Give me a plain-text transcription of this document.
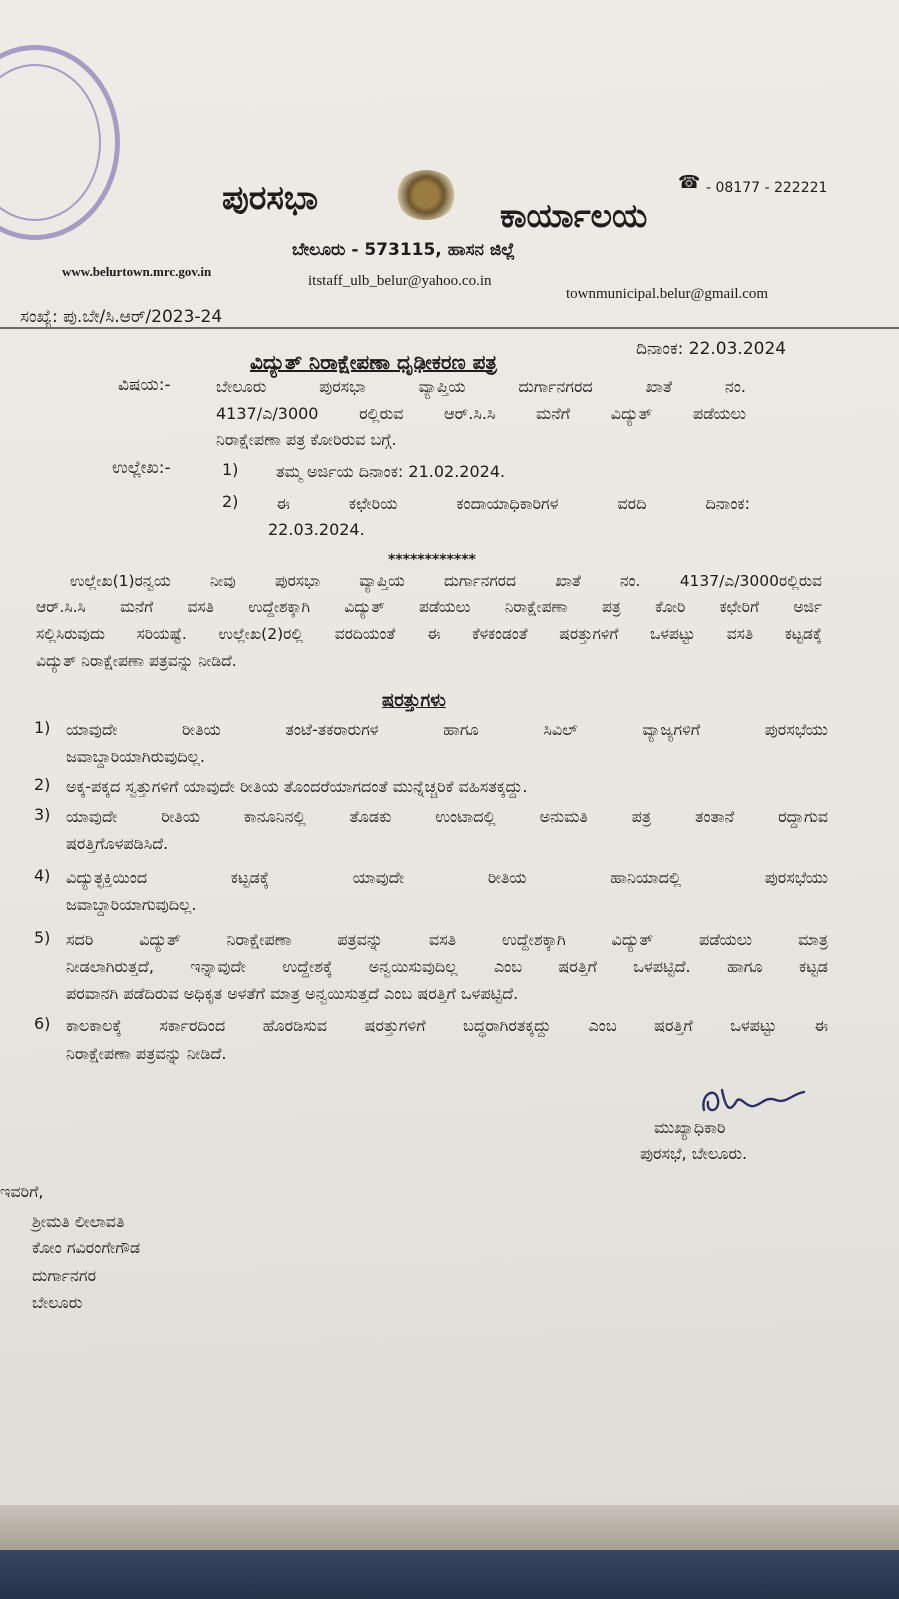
ಪುರಸಭಾ	ಕಾರ್ಯಾಲಯ
☎ - 08177 - 222221
ಬೇಲೂರು - 573115, ಹಾಸನ ಜಿಲ್ಲೆ
www.belurtown.mrc.gov.in
itstaff_ulb_belur@yahoo.co.in
townmunicipal.belur@gmail.com
ಸಂಖ್ಯೆ: ಪು.ಬೇ/ಸಿ.ಆರ್/2023-24
ದಿನಾಂಕ: 22.03.2024
ವಿದ್ಯುತ್ ನಿರಾಕ್ಷೇಪಣಾ ಧೃಢೀಕರಣ ಪತ್ರ
ವಿಷಯ:-	ಬೇಲೂರು ಪುರಸಭಾ ವ್ಯಾಪ್ತಿಯ ದುರ್ಗಾನಗರದ ಖಾತೆ ನಂ.
4137/ಎ/3000 ರಲ್ಲಿರುವ ಆರ್.ಸಿ.ಸಿ ಮನೆಗೆ ವಿದ್ಯುತ್ ಪಡೆಯಲು
ನಿರಾಕ್ಷೇಪಣಾ ಪತ್ರ ಕೋರಿರುವ ಬಗ್ಗೆ.
ಉಲ್ಲೇಖ:-	1) ತಮ್ಮ ಅರ್ಜಿಯ ದಿನಾಂಕ: 21.02.2024.
2) ಈ ಕಛೇರಿಯ ಕಂದಾಯಾಧಿಕಾರಿಗಳ ವರದಿ ದಿನಾಂಕ:
22.03.2024.
************
ಉಲ್ಲೇಖ(1)ರನ್ವಯ ನೀವು ಪುರಸಭಾ ವ್ಯಾಪ್ತಿಯ ದುರ್ಗಾನಗರದ ಖಾತೆ ನಂ. 4137/ಎ/3000ರಲ್ಲಿರುವ
ಆರ್.ಸಿ.ಸಿ ಮನೆಗೆ ವಸತಿ ಉದ್ದೇಶಕ್ಕಾಗಿ ವಿದ್ಯುತ್ ಪಡೆಯಲು ನಿರಾಕ್ಷೇಪಣಾ ಪತ್ರ ಕೋರಿ ಕಛೇರಿಗೆ ಅರ್ಜಿ
ಸಲ್ಲಿಸಿರುವುದು ಸರಿಯಷ್ಟೆ. ಉಲ್ಲೇಖ(2)ರಲ್ಲಿ ವರದಿಯಂತೆ ಈ ಕೆಳಕಂಡಂತೆ ಷರತ್ತುಗಳಿಗೆ ಒಳಪಟ್ಟು ವಸತಿ ಕಟ್ಟಡಕ್ಕೆ
ವಿದ್ಯುತ್ ನಿರಾಕ್ಷೇಪಣಾ ಪತ್ರವನ್ನು ನೀಡಿದೆ.
ಷರತ್ತುಗಳು
1) ಯಾವುದೇ ರೀತಿಯ ತಂಟೆ-ತಕರಾರುಗಳ ಹಾಗೂ ಸಿವಿಲ್ ವ್ಯಾಜ್ಯಗಳಿಗೆ ಪುರಸಭೆಯು
ಜವಾಬ್ದಾರಿಯಾಗಿರುವುದಿಲ್ಲ.
2) ಅಕ್ಕ-ಪಕ್ಕದ ಸ್ವತ್ತುಗಳಿಗೆ ಯಾವುದೇ ರೀತಿಯ ತೊಂದರೆಯಾಗದಂತೆ ಮುನ್ನೆಚ್ಚರಿಕೆ ವಹಿಸತಕ್ಕದ್ದು.
3) ಯಾವುದೇ ರೀತಿಯ ಕಾನೂನಿನಲ್ಲಿ ತೊಡಕು ಉಂಟಾದಲ್ಲಿ ಅನುಮತಿ ಪತ್ರ ತಂತಾನೆ ರದ್ದಾಗುವ
ಷರತ್ತಿಗೊಳಪಡಿಸಿದೆ.
4) ವಿದ್ಯುತ್ಛಕ್ತಿಯಿಂದ ಕಟ್ಟಡಕ್ಕೆ ಯಾವುದೇ ರೀತಿಯ ಹಾನಿಯಾದಲ್ಲಿ ಪುರಸಭೆಯು
ಜವಾಬ್ದಾರಿಯಾಗುವುದಿಲ್ಲ.
5) ಸದರಿ ವಿದ್ಯುತ್ ನಿರಾಕ್ಷೇಪಣಾ ಪತ್ರವನ್ನು ವಸತಿ ಉದ್ದೇಶಕ್ಕಾಗಿ ವಿದ್ಯುತ್ ಪಡೆಯಲು ಮಾತ್ರ
ನೀಡಲಾಗಿರುತ್ತದೆ, ಇನ್ನಾವುದೇ ಉದ್ದೇಶಕ್ಕೆ ಅನ್ವಯಿಸುವುದಿಲ್ಲ ಎಂಬ ಷರತ್ತಿಗೆ ಒಳಪಟ್ಟಿದೆ. ಹಾಗೂ ಕಟ್ಟಡ
ಪರವಾನಗಿ ಪಡೆದಿರುವ ಅಧಿಕೃತ ಅಳತೆಗೆ ಮಾತ್ರ ಅನ್ವಯಿಸುತ್ತದೆ ಎಂಬ ಷರತ್ತಿಗೆ ಒಳಪಟ್ಟಿದೆ.
6) ಕಾಲಕಾಲಕ್ಕೆ ಸರ್ಕಾರದಿಂದ ಹೊರಡಿಸುವ ಷರತ್ತುಗಳಿಗೆ ಬದ್ಧರಾಗಿರತಕ್ಕದ್ದು ಎಂಬ ಷರತ್ತಿಗೆ ಒಳಪಟ್ಟು ಈ
ನಿರಾಕ್ಷೇಪಣಾ ಪತ್ರವನ್ನು ನೀಡಿದೆ.
ಮುಖ್ಯಾಧಿಕಾರಿ
ಪುರಸಭೆ, ಬೇಲೂರು.
ಇವರಿಗೆ,
ಶ್ರೀಮತಿ ಲೀಲಾವತಿ
ಕೋಂ ಗವಿರಂಗೇಗೌಡ
ದುರ್ಗಾನಗರ
ಬೇಲೂರು
